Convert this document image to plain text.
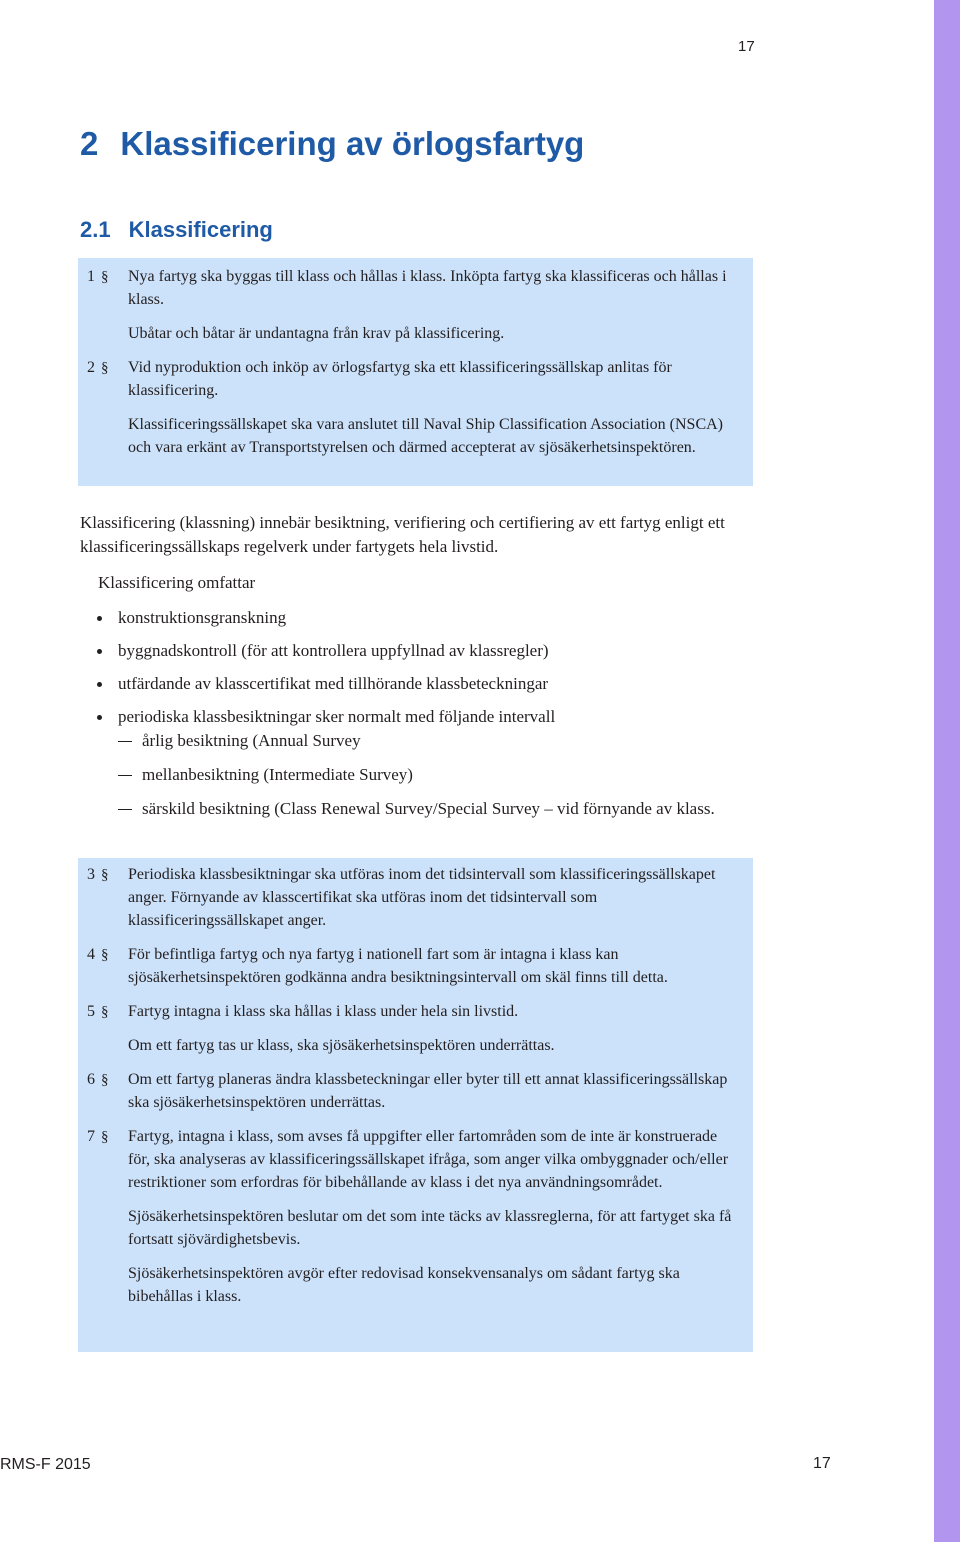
17
2 Klassificering av örlogsfartyg
2.1 Klassificering
1 §	Nya fartyg ska byggas till klass och hållas i klass. Inköpta fartyg ska klassificeras och hållas i klass.

Ubåtar och båtar är undantagna från krav på klassificering.

2 §	Vid nyproduktion och inköp av örlogsfartyg ska ett klassificeringssällskap anlitas för klassificering.

Klassificeringssällskapet ska vara anslutet till Naval Ship Classification Association (NSCA) och vara erkänt av Transportstyrelsen och därmed accepterat av sjösäkerhetsinspektören.

Klassificering (klassning) innebär besiktning, verifiering och certifiering av ett fartyg enligt ett klassificeringssällskaps regelverk under fartygets hela livstid.

Klassificering omfattar
konstruktionsgranskning
byggnadskontroll (för att kontrollera uppfyllnad av klassregler)
utfärdande av klasscertifikat med tillhörande klassbeteckningar
periodiska klassbesiktningar sker normalt med följande intervall
årlig besiktning (Annual Survey
mellanbesiktning (Intermediate Survey)
särskild besiktning (Class Renewal Survey/Special Survey – vid förnyande av klass.
3 §	Periodiska klassbesiktningar ska utföras inom det tidsintervall som klassificeringssällskapet anger. Förnyande av klasscertifikat ska utföras inom det tidsintervall som klassificeringssällskapet anger.

4 §	För befintliga fartyg och nya fartyg i nationell fart som är intagna i klass kan sjösäkerhetsinspektören godkänna andra besiktningsintervall om skäl finns till detta.

5 §	Fartyg intagna i klass ska hållas i klass under hela sin livstid.

Om ett fartyg tas ur klass, ska sjösäkerhetsinspektören underrättas.

6 §	Om ett fartyg planeras ändra klassbeteckningar eller byter till ett annat klassificeringssällskap ska sjösäkerhetsinspektören underrättas.

7 §	Fartyg, intagna i klass, som avses få uppgifter eller fartområden som de inte är konstruerade för, ska analyseras av klassificeringssällskapet ifråga, som anger vilka ombyggnader och/eller restriktioner som erfordras för bibehållande av klass i det nya användningsområdet.

Sjösäkerhetsinspektören beslutar om det som inte täcks av klassreglerna, för att fartyget ska få fortsatt sjövärdighetsbevis.

Sjösäkerhetsinspektören avgör efter redovisad konsekvensanalys om sådant fartyg ska bibehållas i klass.

RMS-F 2015	17
